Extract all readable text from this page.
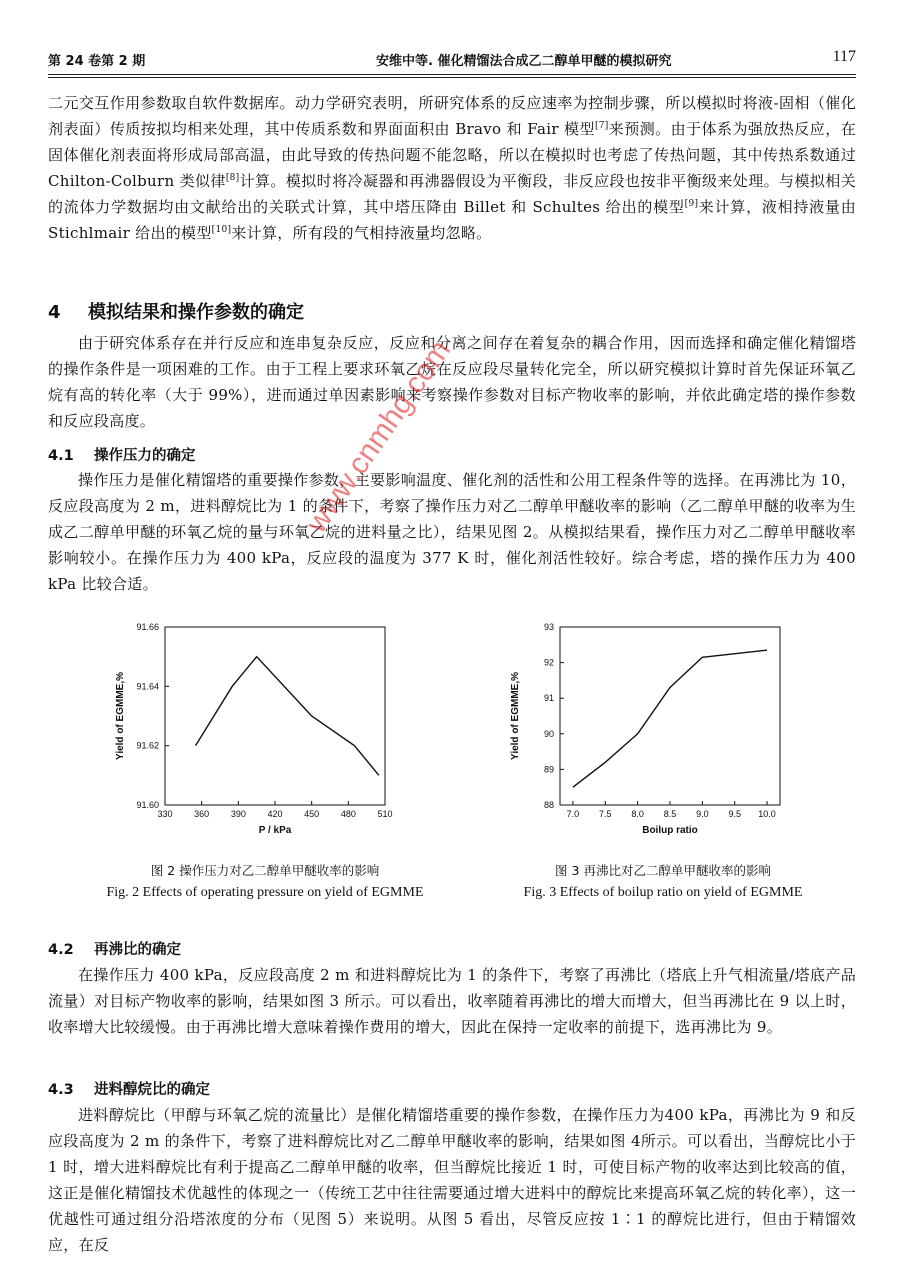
第 24 卷第 2 期	安维中等. 催化精馏法合成乙二醇单甲醚的模拟研究	117

二元交互作用参数取自软件数据库。动力学研究表明，所研究体系的反应速率为控制步骤，所以模拟时将液-固相（催化剂表面）传质按拟均相来处理，其中传质系数和界面面积由 Bravo 和 Fair 模型[7]来预测。由于体系为强放热反应，在固体催化剂表面将形成局部高温，由此导致的传热问题不能忽略，所以在模拟时也考虑了传热问题，其中传热系数通过 Chilton-Colburn 类似律[8]计算。模拟时将冷凝器和再沸器假设为平衡段，非反应段也按非平衡级来处理。与模拟相关的流体力学数据均由文献给出的关联式计算，其中塔压降由 Billet 和 Schultes 给出的模型[9]来计算，液相持液量由 Stichlmair 给出的模型[10]来计算，所有段的气相持液量均忽略。

4 模拟结果和操作参数的确定

由于研究体系存在并行反应和连串复杂反应，反应和分离之间存在着复杂的耦合作用，因而选择和确定催化精馏塔的操作条件是一项困难的工作。由于工程上要求环氧乙烷在反应段尽量转化完全，所以研究模拟计算时首先保证环氧乙烷有高的转化率（大于 99%），进而通过单因素影响来考察操作参数对目标产物收率的影响，并依此确定塔的操作参数和反应段高度。

4.1 操作压力的确定

操作压力是催化精馏塔的重要操作参数，主要影响温度、催化剂的活性和公用工程条件等的选择。在再沸比为 10，反应段高度为 2 m，进料醇烷比为 1 的条件下，考察了操作压力对乙二醇单甲醚收率的影响（乙二醇单甲醚的收率为生成乙二醇单甲醚的环氧乙烷的量与环氧乙烷的进料量之比），结果见图 2。从模拟结果看，操作压力对乙二醇单甲醚收率影响较小。在操作压力为 400 kPa，反应段的温度为 377 K 时，催化剂活性较好。综合考虑，塔的操作压力为 400 kPa 比较合适。

330 360 390 420 450 480 510
91.60
91.62
91.64
91.66
P / kPa
Yield of EGMME,%
7.0 7.5 8.0 8.5 9.0 9.5 10.0
88
89
90
91
92
93
Boilup ratio
Yield of EGMME,%
图 2 操作压力对乙二醇单甲醚收率的影响
Fig. 2 Effects of operating pressure on yield of EGMME
图 3 再沸比对乙二醇单甲醚收率的影响
Fig. 3 Effects of boilup ratio on yield of EGMME
4.2 再沸比的确定

在操作压力 400 kPa，反应段高度 2 m 和进料醇烷比为 1 的条件下，考察了再沸比（塔底上升气相流量/塔底产品流量）对目标产物收率的影响，结果如图 3 所示。可以看出，收率随着再沸比的增大而增大，但当再沸比在 9 以上时，收率增大比较缓慢。由于再沸比增大意味着操作费用的增大，因此在保持一定收率的前提下，选再沸比为 9。

4.3 进料醇烷比的确定

进料醇烷比（甲醇与环氧乙烷的流量比）是催化精馏塔重要的操作参数，在操作压力为400 kPa，再沸比为 9 和反应段高度为 2 m 的条件下，考察了进料醇烷比对乙二醇单甲醚收率的影响，结果如图 4所示。可以看出，当醇烷比小于 1 时，增大进料醇烷比有利于提高乙二醇单甲醚的收率，但当醇烷比接近 1 时，可使目标产物的收率达到比较高的值，这正是催化精馏技术优越性的体现之一（传统工艺中往往需要通过增大进料中的醇烷比来提高环氧乙烷的转化率），这一优越性可通过组分沿塔浓度的分布（见图 5）来说明。从图 5 看出，尽管反应按 1∶1 的醇烷比进行，但由于精馏效应，在反

www.cnmhg.com
